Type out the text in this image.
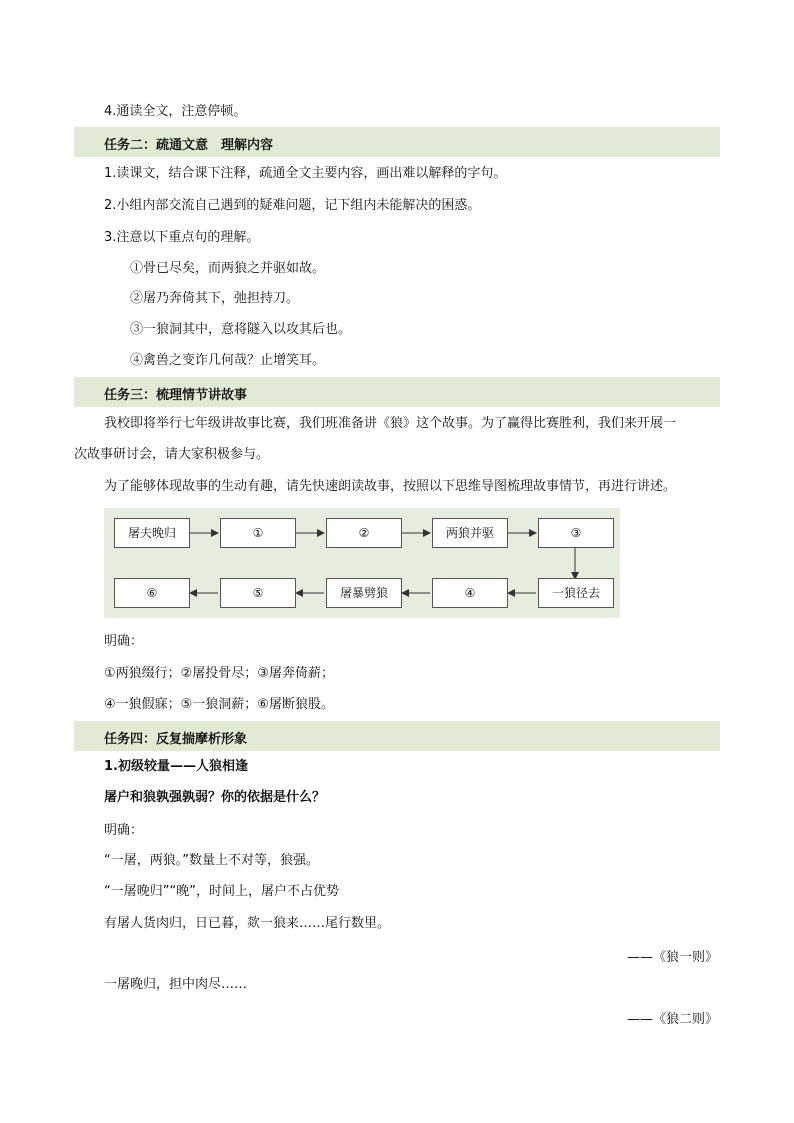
4.通读全文，注意停顿。
任务二：疏通文意　理解内容
1.读课文，结合课下注释，疏通全文主要内容，画出难以解释的字句。
2.小组内部交流自己遇到的疑难问题，记下组内未能解决的困惑。
3.注意以下重点句的理解。
①骨已尽矣，而两狼之并驱如故。
②屠乃奔倚其下，弛担持刀。
③一狼洞其中，意将隧入以攻其后也。
④禽兽之变诈几何哉？止增笑耳。
任务三：梳理情节讲故事
我校即将举行七年级讲故事比赛，我们班准备讲《狼》这个故事。为了赢得比赛胜利，我们来开展一
次故事研讨会，请大家积极参与。
为了能够体现故事的生动有趣，请先快速朗读故事，按照以下思维导图梳理故事情节，再进行讲述。
屠夫晚归	①	②	两狼并驱	③
⑥	⑤	屠暴劈狼	④	一狼径去
明确：
①两狼缀行；②屠投骨尽；③屠奔倚薪；
④一狼假寐；⑤一狼洞薪；⑥屠断狼股。
任务四：反复揣摩析形象
1.初级较量——人狼相逢
屠户和狼孰强孰弱？你的依据是什么？
明确：
“一屠，两狼。”数量上不对等，狼强。
“一屠晚归”“晚”，时间上，屠户不占优势
有屠人货肉归，日已暮，欻一狼来……尾行数里。
——《狼一则》
一屠晚归，担中肉尽……
——《狼二则》
